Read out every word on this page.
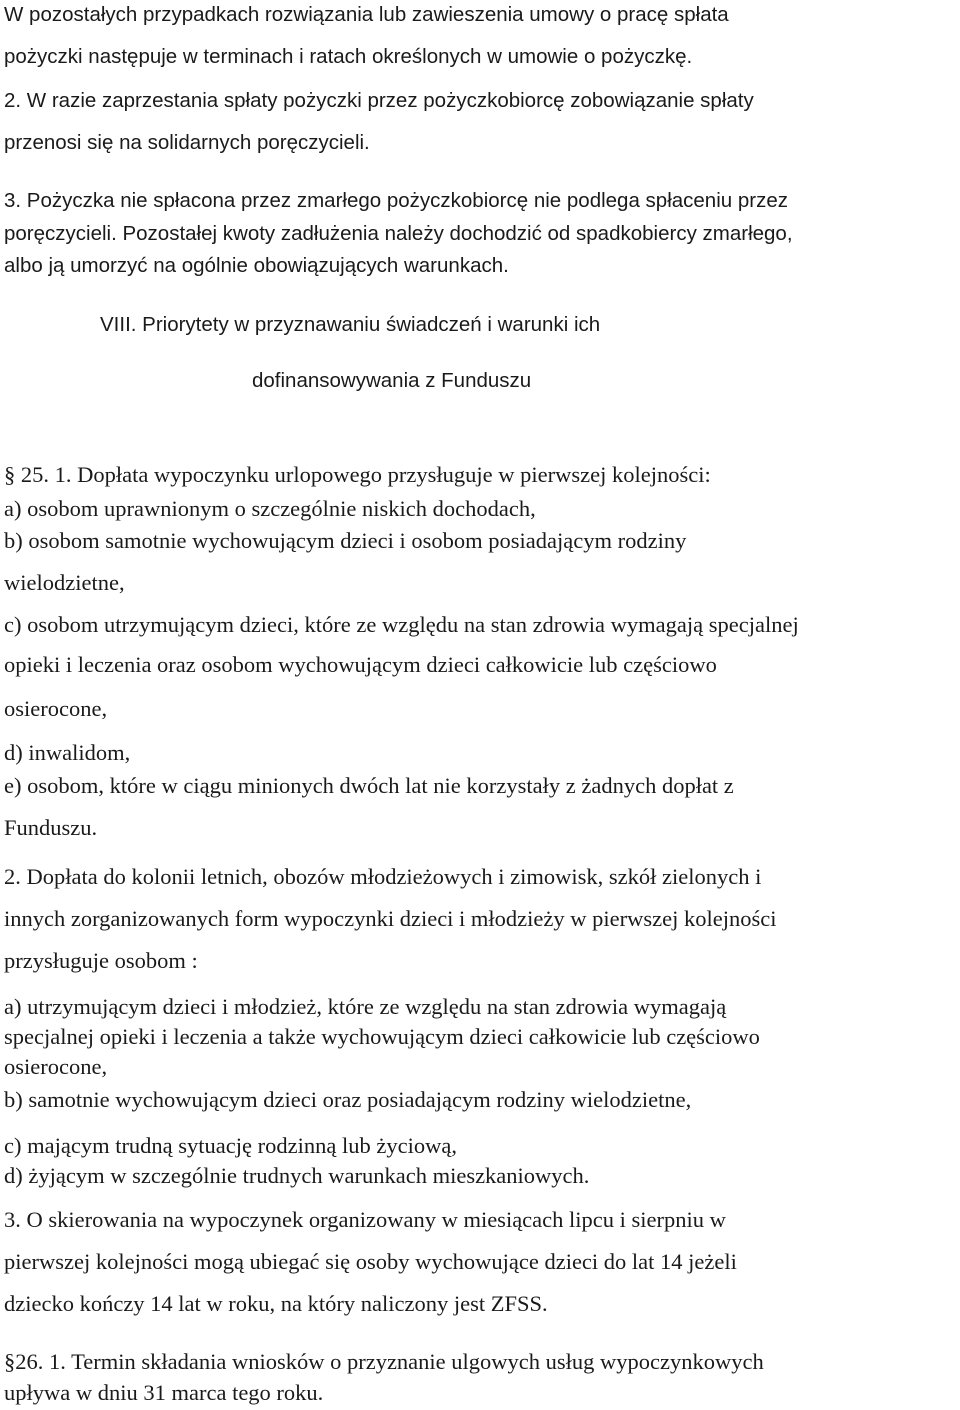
W pozostałych przypadkach rozwiązania lub zawieszenia umowy o pracę spłata

pożyczki następuje w terminach i ratach określonych w umowie o pożyczkę.

2. W razie zaprzestania spłaty pożyczki przez pożyczkobiorcę zobowiązanie spłaty

przenosi się na solidarnych poręczycieli.

3. Pożyczka nie spłacona przez zmarłego pożyczkobiorcę nie podlega spłaceniu przez

poręczycieli. Pozostałej kwoty zadłużenia należy dochodzić od spadkobiercy zmarłego,

albo ją umorzyć na ogólnie obowiązujących warunkach.

VIII. Priorytety w przyznawaniu świadczeń i warunki ich

dofinansowywania z Funduszu

§ 25. 1. Dopłata wypoczynku urlopowego przysługuje w pierwszej kolejności:

a) osobom uprawnionym o szczególnie niskich dochodach,

b) osobom samotnie wychowującym dzieci i osobom posiadającym rodziny

wielodzietne,

c) osobom utrzymującym dzieci, które ze względu na stan zdrowia wymagają specjalnej

opieki i leczenia oraz osobom wychowującym dzieci całkowicie lub częściowo

osierocone,

d) inwalidom,

e) osobom, które w ciągu minionych dwóch lat nie korzystały z żadnych dopłat z

Funduszu.

2. Dopłata do kolonii letnich, obozów młodzieżowych i zimowisk, szkół zielonych i

innych zorganizowanych form wypoczynki dzieci i młodzieży w pierwszej kolejności

przysługuje osobom :

a) utrzymującym dzieci i młodzież, które ze względu na stan zdrowia wymagają

specjalnej opieki i leczenia a także wychowującym dzieci całkowicie lub częściowo

osierocone,

b) samotnie wychowującym dzieci oraz posiadającym rodziny wielodzietne,

c) mającym trudną sytuację rodzinną lub życiową,

d) żyjącym w szczególnie trudnych warunkach mieszkaniowych.

3. O skierowania na wypoczynek organizowany w miesiącach lipcu i sierpniu w

pierwszej kolejności mogą ubiegać się osoby wychowujące dzieci do lat 14 jeżeli

dziecko kończy 14 lat w roku, na który naliczony jest ZFSS.

§26. 1. Termin składania wniosków o przyznanie ulgowych usług wypoczynkowych

upływa w dniu 31 marca tego roku.
